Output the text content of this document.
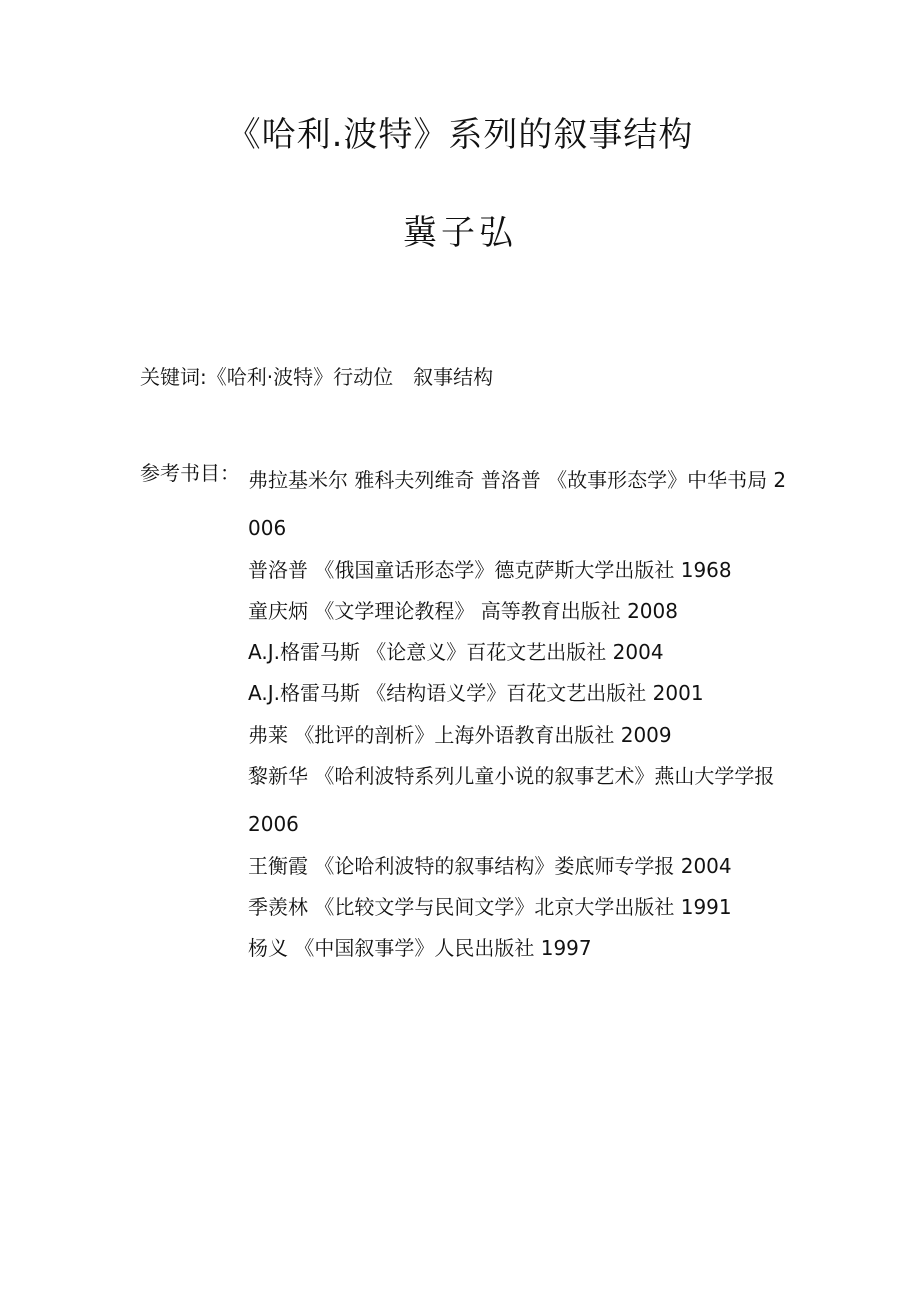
《哈利.波特》系列的叙事结构
冀子弘
关键词:《哈利·波特》行动位　叙事结构
参考书目： 弗拉基米尔 雅科夫列维奇 普洛普 《故事形态学》中华书局 2006
普洛普 《俄国童话形态学》德克萨斯大学出版社 1968
童庆炳 《文学理论教程》 高等教育出版社 2008
A.J.格雷马斯 《论意义》百花文艺出版社 2004
A.J.格雷马斯 《结构语义学》百花文艺出版社 2001
弗莱 《批评的剖析》上海外语教育出版社 2009
黎新华 《哈利波特系列儿童小说的叙事艺术》燕山大学学报 2006
王衡霞 《论哈利波特的叙事结构》娄底师专学报 2004
季羡林 《比较文学与民间文学》北京大学出版社 1991
杨义 《中国叙事学》人民出版社 1997
